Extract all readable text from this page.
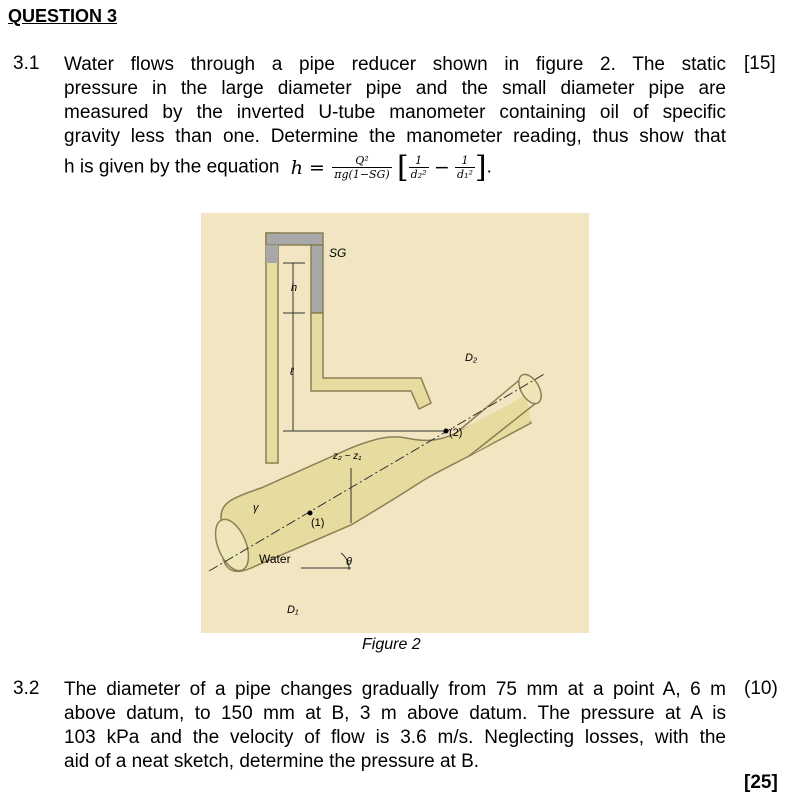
QUESTION 3
3.1	[15]
Water flows through a pipe reducer shown in figure 2. The static
pressure in the large diameter pipe and the small diameter pipe are
measured by the inverted U-tube manometer containing oil of specific
gravity less than one. Determine the manometer reading, thus show that
h is given by the equation $h = \frac{\text{Q²}}{\pi g(1-SG)}$ [ $\frac{1}{\text{d₂²}} - \frac{1}{\text{d₁²}}$ ].
SG
h
ℓ
D₂
(2)
z₂ − z₁
γ
(1)
Water	θ
D₁
Figure 2
3.2	(10)
The diameter of a pipe changes gradually from 75 mm at a point A, 6 m
above datum, to 150 mm at B, 3 m above datum. The pressure at A is
103 kPa and the velocity of flow is 3.6 m/s. Neglecting losses, with the
aid of a neat sketch, determine the pressure at B.
[25]
